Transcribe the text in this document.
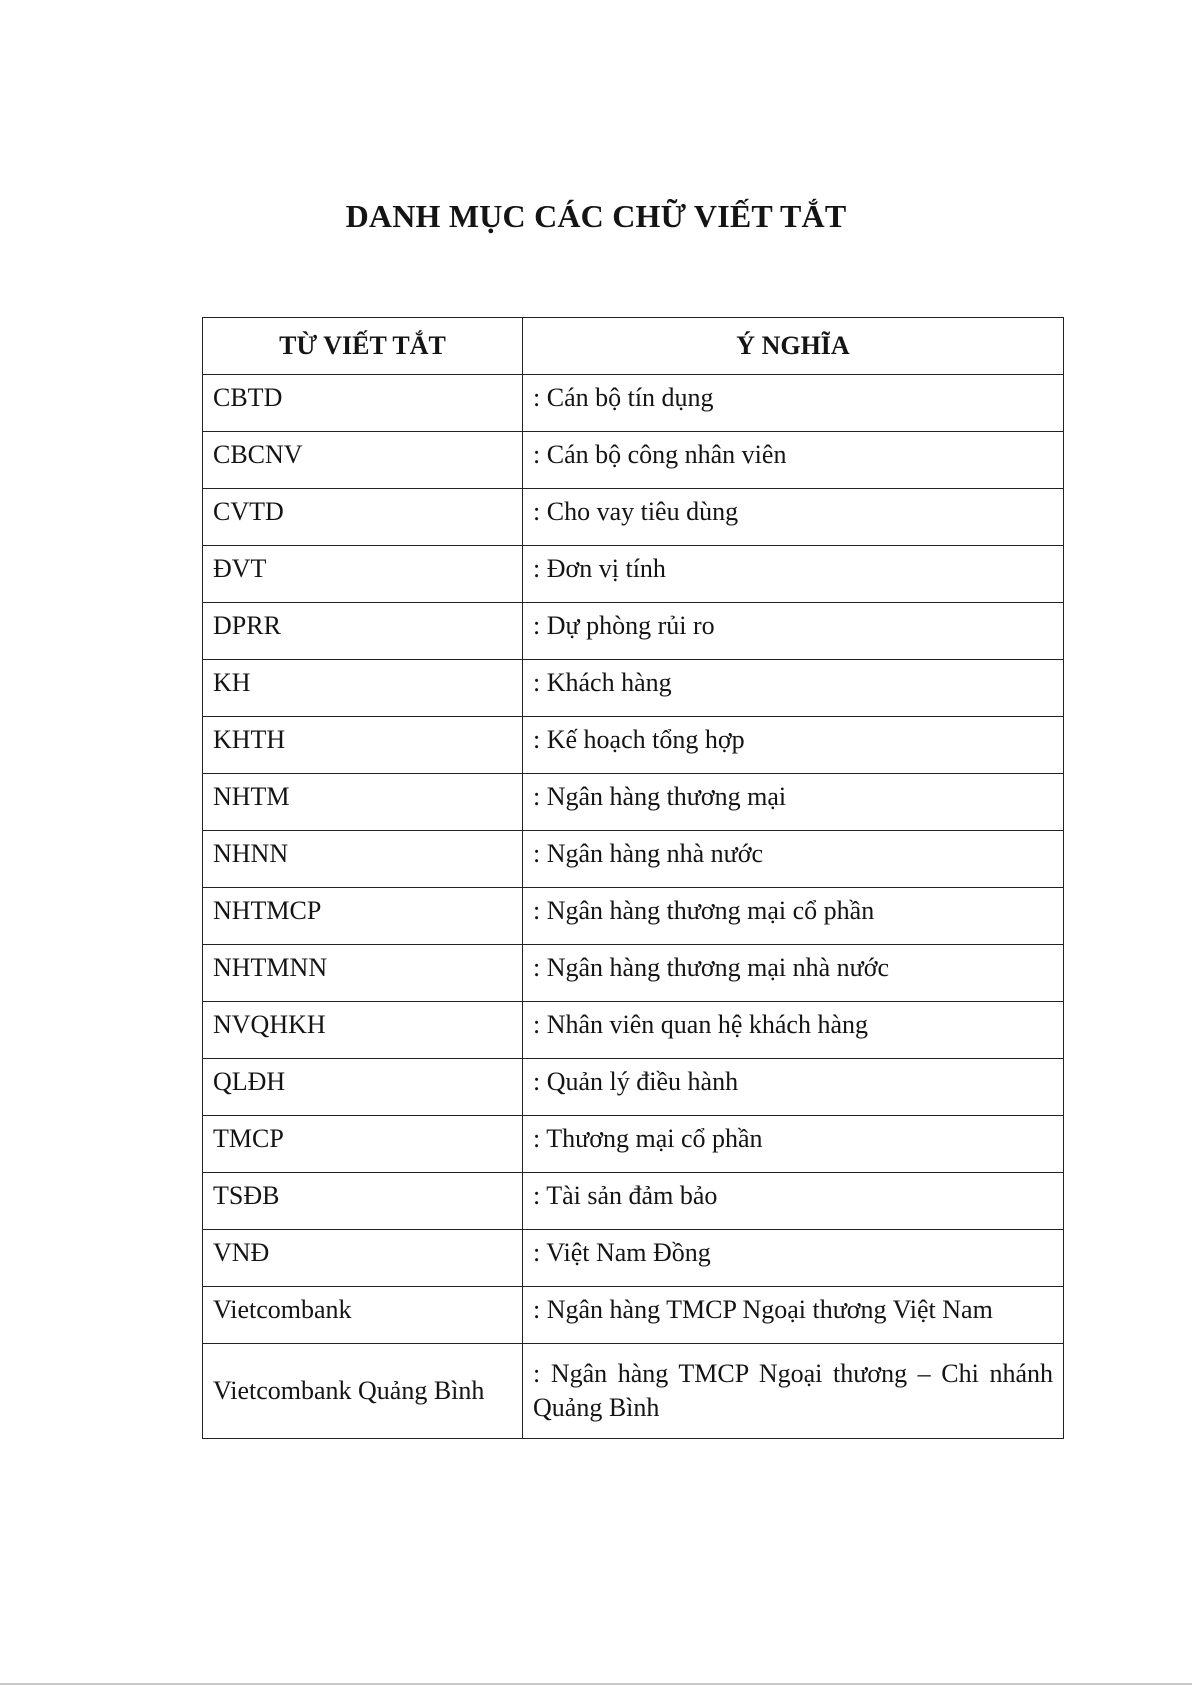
DANH MỤC CÁC CHỮ VIẾT TẮT
TỪ VIẾT TẮT	Ý NGHĨA
CBTD	: Cán bộ tín dụng
CBCNV	: Cán bộ công nhân viên
CVTD	: Cho vay tiêu dùng
ĐVT	: Đơn vị tính
DPRR	: Dự phòng rủi ro
KH	: Khách hàng
KHTH	: Kế hoạch tổng hợp
NHTM	: Ngân hàng thương mại
NHNN	: Ngân hàng nhà nước
NHTMCP	: Ngân hàng thương mại cổ phần
NHTMNN	: Ngân hàng thương mại nhà nước
NVQHKH	: Nhân viên quan hệ khách hàng
QLĐH	: Quản lý điều hành
TMCP	: Thương mại cổ phần
TSĐB	: Tài sản đảm bảo
VNĐ	: Việt Nam Đồng
Vietcombank	: Ngân hàng TMCP Ngoại thương Việt Nam
Vietcombank Quảng Bình	: Ngân hàng TMCP Ngoại thương – Chi nhánh Quảng Bình
